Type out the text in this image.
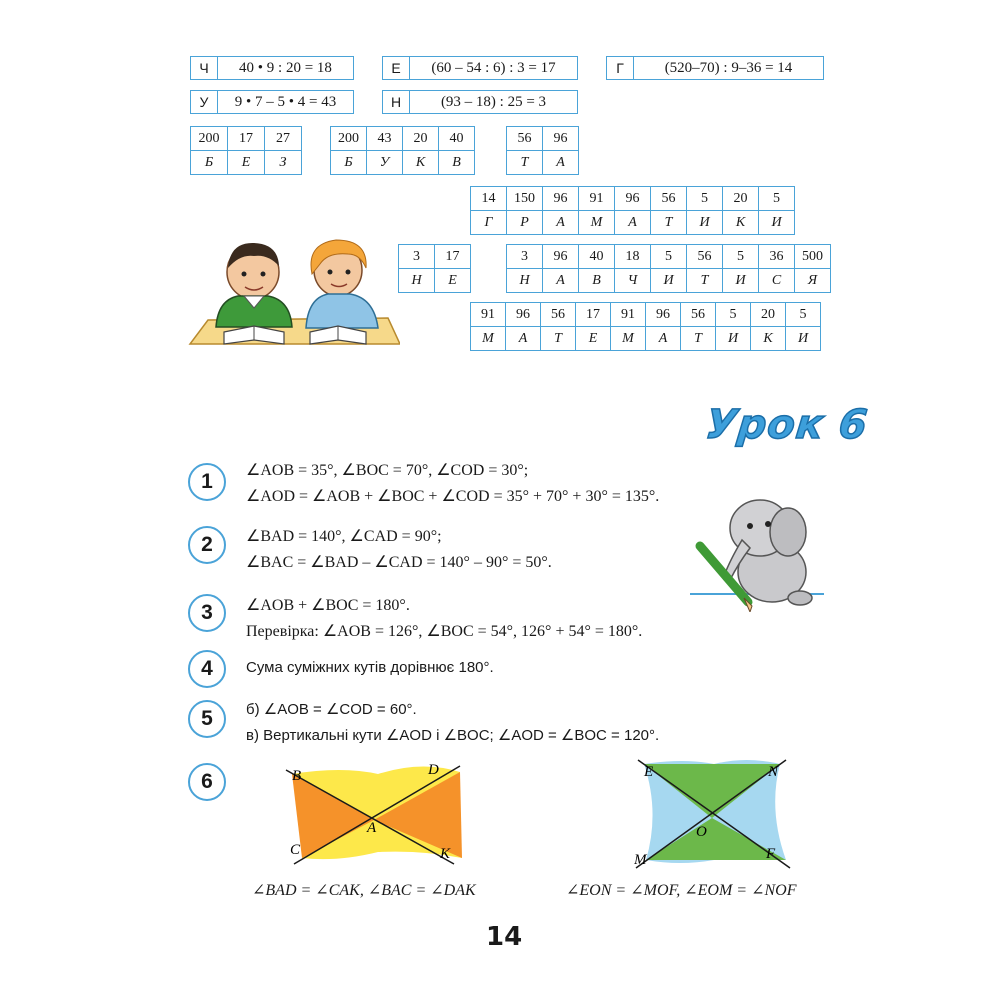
Ч	40 • 9 : 20 = 18	Е	(60 – 54 : 6) : 3 = 17	Г	(520–70) : 9–36 = 14
У	9 • 7 – 5 • 4 = 43	Н	(93 – 18) : 25 = 3
200	17	27
Б	Е	З
200	43	20	40
Б	У	К	В
56	96
Т	А
14	150	96	91	96	56	5	20	5
Г	Р	А	М	А	Т	И	К	И
3	17
Н	Е
3	96	40	18	5	56	5	36	500
Н	А	В	Ч	И	Т	И	С	Я
91	96	56	17	91	96	56	5	20	5
М	А	Т	Е	М	А	Т	И	К	И
Урок 6
1	∠AOB = 35°, ∠BOC = 70°, ∠COD = 30°;
∠AOD = ∠AOB + ∠BOC + ∠COD = 35° + 70° + 30° = 135°.
2	∠BAD = 140°, ∠CAD = 90°;
∠BAC = ∠BAD – ∠CAD = 140° – 90° = 50°.
3	∠AOB + ∠BOC = 180°.
Перевірка: ∠AOB = 126°, ∠BOC = 54°, 126° + 54° = 180°.
4	Сума суміжних кутів дорівнює 180°.
5	б) ∠AOB = ∠COD = 60°.
в) Вертикальні кути ∠AOD і ∠BOC; ∠AOD = ∠BOC = 120°.
6	B	D
A
C	K
E	N
O
M	F
∠BAD = ∠CAK, ∠BAC = ∠DAK	∠EON = ∠MOF, ∠EOM = ∠NOF
14
